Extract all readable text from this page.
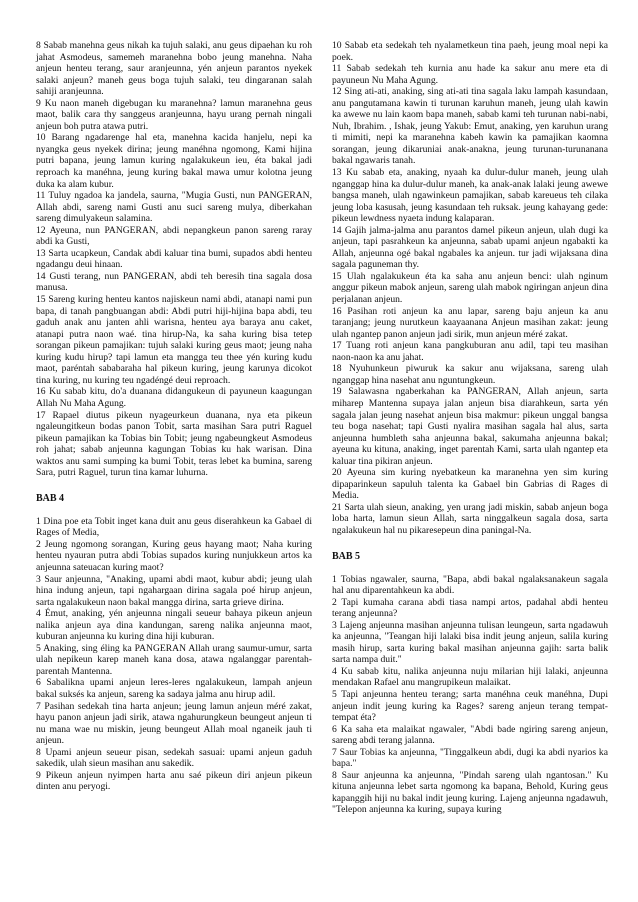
8 Sabab manehna geus nikah ka tujuh salaki, anu geus dipaehan ku roh jahat Asmodeus, samemeh maranehna bobo jeung manehna. Naha anjeun henteu terang, saur aranjeunna, yén anjeun parantos nyekek salaki anjeun? maneh geus boga tujuh salaki, teu dingaranan salah sahiji aranjeunna.

9 Ku naon maneh digebugan ku maranehna? lamun maranehna geus maot, balik cara thy sanggeus aranjeunna, hayu urang pernah ningali anjeun boh putra atawa putri.

10 Barang ngadarenge hal eta, manehna kacida hanjelu, nepi ka nyangka geus nyekek dirina; jeung manéhna ngomong, Kami hijina putri bapana, jeung lamun kuring ngalakukeun ieu, éta bakal jadi reproach ka manéhna, jeung kuring bakal mawa umur kolotna jeung duka ka alam kubur.

11 Tuluy ngadoa ka jandela, saurna, "Mugia Gusti, nun PANGERAN, Allah abdi, sareng nami Gusti anu suci sareng mulya, diberkahan sareng dimulyakeun salamina.

12 Ayeuna, nun PANGERAN, abdi nepangkeun panon sareng raray abdi ka Gusti,

13 Sarta ucapkeun, Candak abdi kaluar tina bumi, supados abdi henteu ngadangu deui hinaan.

14 Gusti terang, nun PANGERAN, abdi teh beresih tina sagala dosa manusa.

15 Sareng kuring henteu kantos najiskeun nami abdi, atanapi nami pun bapa, di tanah pangbuangan abdi: Abdi putri hiji-hijina bapa abdi, teu gaduh anak anu janten ahli warisna, henteu aya baraya anu caket, atanapi putra naon waé. tina hirup-Na, ka saha kuring bisa tetep sorangan pikeun pamajikan: tujuh salaki kuring geus maot; jeung naha kuring kudu hirup? tapi lamun eta mangga teu thee yén kuring kudu maot, paréntah sababaraha hal pikeun kuring, jeung karunya dicokot tina kuring, nu kuring teu ngadéngé deui reproach.

16 Ku sabab kitu, do'a duanana didangukeun di payuneun kaagungan Allah Nu Maha Agung.

17 Rapael diutus pikeun nyageurkeun duanana, nya eta pikeun ngaleungitkeun bodas panon Tobit, sarta masihan Sara putri Raguel pikeun pamajikan ka Tobias bin Tobit; jeung ngabeungkeut Asmodeus roh jahat; sabab anjeunna kagungan Tobias ku hak warisan. Dina waktos anu sami sumping ka bumi Tobit, teras lebet ka bumina, sareng Sara, putri Raguel, turun tina kamar luhurna.

BAB 4

1 Dina poe eta Tobit inget kana duit anu geus diserahkeun ka Gabael di Rages of Media,

2 Jeung ngomong sorangan, Kuring geus hayang maot; Naha kuring henteu nyauran putra abdi Tobias supados kuring nunjukkeun artos ka anjeunna sateuacan kuring maot?

3 Saur anjeunna, "Anaking, upami abdi maot, kubur abdi; jeung ulah hina indung anjeun, tapi ngahargaan dirina sagala poé hirup anjeun, sarta ngalakukeun naon bakal mangga dirina, sarta grieve dirina.

4 Émut, anaking, yén anjeunna ningali seueur bahaya pikeun anjeun nalika anjeun aya dina kandungan, sareng nalika anjeunna maot, kuburan anjeunna ku kuring dina hiji kuburan.

5 Anaking, sing éling ka PANGERAN Allah urang saumur-umur, sarta ulah nepikeun karep maneh kana dosa, atawa ngalanggar parentah-parentah Mantenna.

6 Sabalikna upami anjeun leres-leres ngalakukeun, lampah anjeun bakal suksés ka anjeun, sareng ka sadaya jalma anu hirup adil.

7 Pasihan sedekah tina harta anjeun; jeung lamun anjeun méré zakat, hayu panon anjeun jadi sirik, atawa ngahurungkeun beungeut anjeun ti nu mana wae nu miskin, jeung beungeut Allah moal nganeik jauh ti anjeun.

8 Upami anjeun seueur pisan, sedekah sasuai: upami anjeun gaduh sakedik, ulah sieun masihan anu sakedik.

9 Pikeun anjeun nyimpen harta anu saé pikeun diri anjeun pikeun dinten anu peryogi.

10 Sabab eta sedekah teh nyalametkeun tina paeh, jeung moal nepi ka poek.

11 Sabab sedekah teh kurnia anu hade ka sakur anu mere eta di payuneun Nu Maha Agung.

12 Sing ati-ati, anaking, sing ati-ati tina sagala laku lampah kasundaan, anu pangutamana kawin ti turunan karuhun maneh, jeung ulah kawin ka awewe nu lain kaom bapa maneh, sabab kami teh turunan nabi-nabi, Nuh, Ibrahim. , Ishak, jeung Yakub: Emut, anaking, yen karuhun urang ti mimiti, nepi ka maranehna kabeh kawin ka pamajikan kaomna sorangan, jeung dikaruniai anak-anakna, jeung turunan-turunanana bakal ngawaris tanah.

13 Ku sabab eta, anaking, nyaah ka dulur-dulur maneh, jeung ulah nganggap hina ka dulur-dulur maneh, ka anak-anak lalaki jeung awewe bangsa maneh, ulah ngawinkeun pamajikan, sabab kareueus teh cilaka jeung loba kasusah, jeung kasundaan teh ruksak. jeung kahayang gede: pikeun lewdness nyaeta indung kalaparan.

14 Gajih jalma-jalma anu parantos damel pikeun anjeun, ulah dugi ka anjeun, tapi pasrahkeun ka anjeunna, sabab upami anjeun ngabakti ka Allah, anjeunna ogé bakal ngabales ka anjeun. tur jadi wijaksana dina sagala paguneman thy.

15 Ulah ngalakukeun éta ka saha anu anjeun benci: ulah nginum anggur pikeun mabok anjeun, sareng ulah mabok ngiringan anjeun dina perjalanan anjeun.

16 Pasihan roti anjeun ka anu lapar, sareng baju anjeun ka anu taranjang; jeung nurutkeun kaayaanana Anjeun masihan zakat: jeung ulah ngantep panon anjeun jadi sirik, mun anjeun méré zakat.

17 Tuang roti anjeun kana pangkuburan anu adil, tapi teu masihan naon-naon ka anu jahat.

18 Nyuhunkeun piwuruk ka sakur anu wijaksana, sareng ulah nganggap hina nasehat anu nguntungkeun.

19 Salawasna ngaberkahan ka PANGERAN, Allah anjeun, sarta miharep Mantenna supaya jalan anjeun bisa diarahkeun, sarta yén sagala jalan jeung nasehat anjeun bisa makmur: pikeun unggal bangsa teu boga nasehat; tapi Gusti nyalira masihan sagala hal alus, sarta anjeunna humbleth saha anjeunna bakal, sakumaha anjeunna bakal; ayeuna ku kituna, anaking, inget parentah Kami, sarta ulah ngantep eta kaluar tina pikiran anjeun.

20 Ayeuna sim kuring nyebatkeun ka maranehna yen sim kuring dipaparinkeun sapuluh talenta ka Gabael bin Gabrias di Rages di Media.

21 Sarta ulah sieun, anaking, yen urang jadi miskin, sabab anjeun boga loba harta, lamun sieun Allah, sarta ninggalkeun sagala dosa, sarta ngalakukeun hal nu pikaresepeun dina paningal-Na.

BAB 5

1 Tobias ngawaler, saurna, "Bapa, abdi bakal ngalaksanakeun sagala hal anu diparentahkeun ka abdi.

2 Tapi kumaha carana abdi tiasa nampi artos, padahal abdi henteu terang anjeunna?

3 Lajeng anjeunna masihan anjeunna tulisan leungeun, sarta ngadawuh ka anjeunna, "Teangan hiji lalaki bisa indit jeung anjeun, salila kuring masih hirup, sarta kuring bakal masihan anjeunna gajih: sarta balik sarta nampa duit."

4 Ku sabab kitu, nalika anjeunna nuju milarian hiji lalaki, anjeunna mendakan Rafael anu mangrupikeun malaikat.

5 Tapi anjeunna henteu terang; sarta manéhna ceuk manéhna, Dupi anjeun indit jeung kuring ka Rages? sareng anjeun terang tempat-tempat éta?

6 Ka saha eta malaikat ngawaler, "Abdi bade ngiring sareng anjeun, sareng abdi terang jalanna.

7 Saur Tobias ka anjeunna, "Tinggalkeun abdi, dugi ka abdi nyarios ka bapa."

8 Saur anjeunna ka anjeunna, "Pindah sareng ulah ngantosan." Ku kituna anjeunna lebet sarta ngomong ka bapana, Behold, Kuring geus kapanggih hiji nu bakal indit jeung kuring. Lajeng anjeunna ngadawuh, "Telepon anjeunna ka kuring, supaya kuring
